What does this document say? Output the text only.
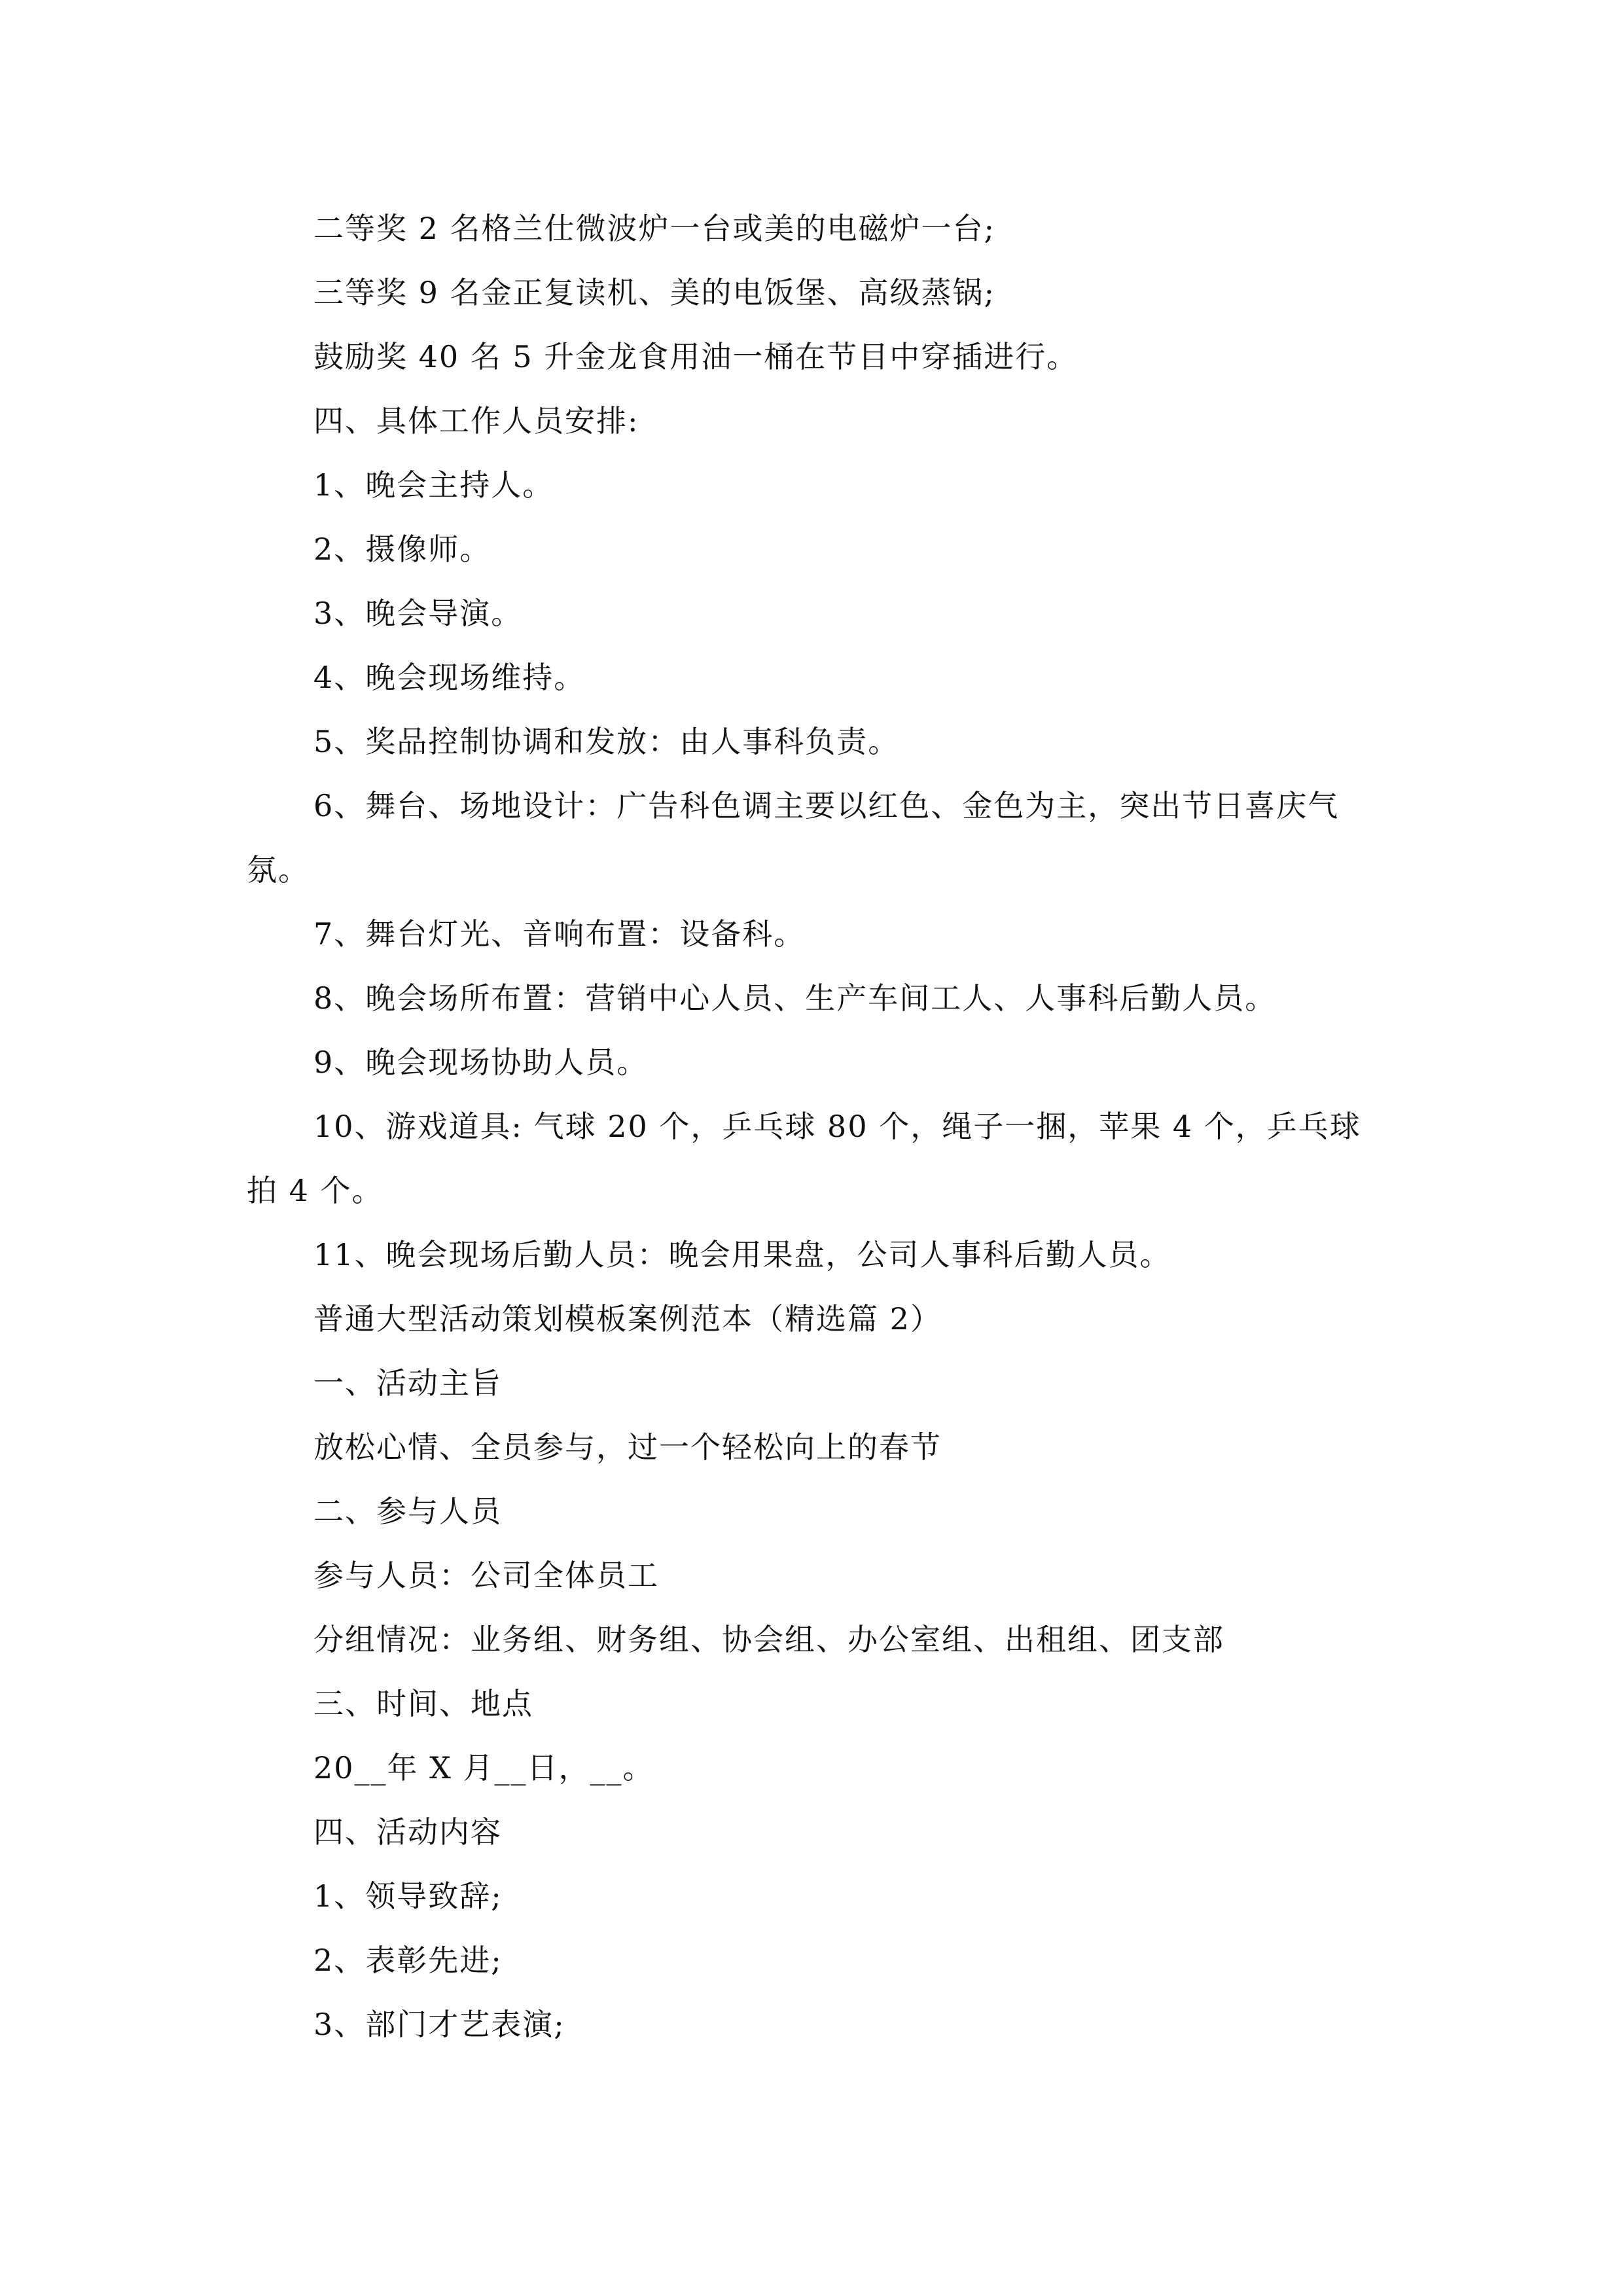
二等奖 2 名格兰仕微波炉一台或美的电磁炉一台;

三等奖 9 名金正复读机、美的电饭堡、高级蒸锅;

鼓励奖 40 名 5 升金龙食用油一桶在节目中穿插进行。

四、具体工作人员安排:

1、晚会主持人。

2、摄像师。

3、晚会导演。

4、晚会现场维持。

5、奖品控制协调和发放：由人事科负责。

6、舞台、场地设计：广告科色调主要以红色、金色为主，突出节日喜庆气氛。

7、舞台灯光、音响布置：设备科。

8、晚会场所布置：营销中心人员、生产车间工人、人事科后勤人员。

9、晚会现场协助人员。

10、游戏道具: 气球 20 个，乒乓球 80 个，绳子一捆，苹果 4 个，乒乓球拍 4 个。

11、晚会现场后勤人员：晚会用果盘，公司人事科后勤人员。

普通大型活动策划模板案例范本（精选篇 2）

一、活动主旨

放松心情、全员参与，过一个轻松向上的春节

二、参与人员

参与人员：公司全体员工

分组情况：业务组、财务组、协会组、办公室组、出租组、团支部

三、时间、地点

20__年 X 月__日，__。

四、活动内容

1、领导致辞;

2、表彰先进;

3、部门才艺表演;
